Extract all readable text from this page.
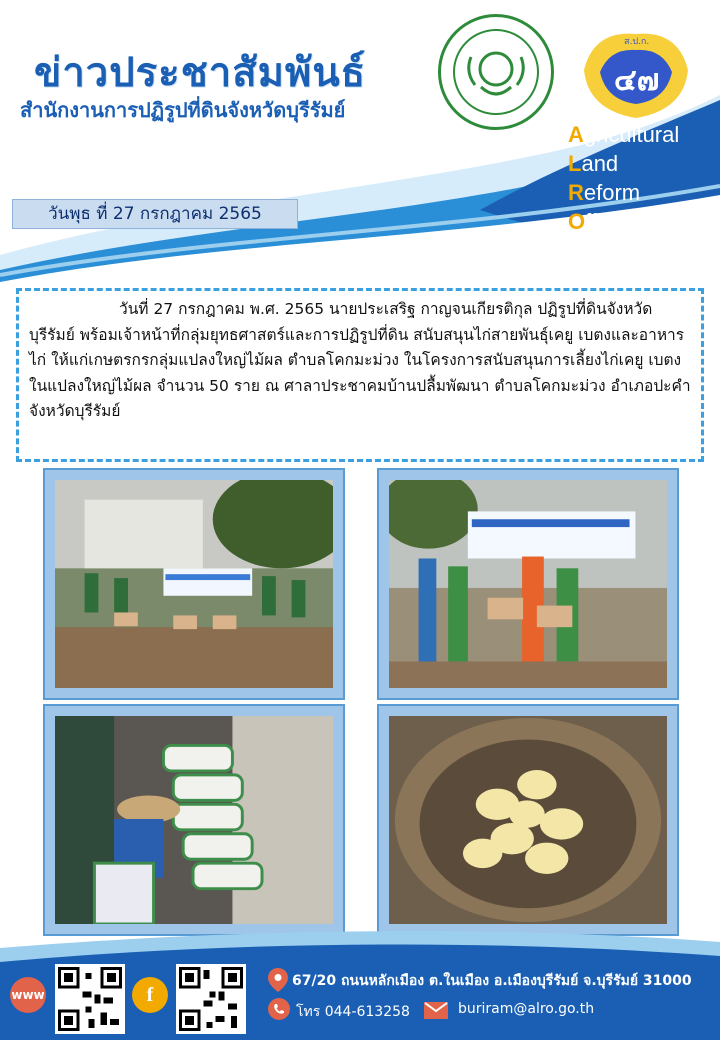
ข่าวประชาสัมพันธ์
สำนักงานการปฏิรูปที่ดินจังหวัดบุรีรัมย์
๔๗
ส.ป.ก.
Agricultural
Land
Reform
Office
วันพุธ ที่ 27 กรกฎาคม 2565

วันที่ 27 กรกฎาคม พ.ศ. 2565 นายประเสริฐ กาญจนเกียรติกุล ปฏิรูปที่ดินจังหวัดบุรีรัมย์ พร้อมเจ้าหน้าที่กลุ่มยุทธศาสตร์และการปฏิรูปที่ดิน สนับสนุนไก่สายพันธุ์เคยู เบตงและอาหารไก่ ให้แก่เกษตรกรกลุ่มแปลงใหญ่ไม้ผล ตำบลโคกมะม่วง ในโครงการสนับสนุนการเลี้ยงไก่เคยู เบตงในแปลงใหญ่ไม้ผล จำนวน 50 ราย ณ ศาลาประชาคมบ้านปลื้มพัฒนา ตำบลโคกมะม่วง อำเภอปะคำ จังหวัดบุรีรัมย์

www	f
67/20 ถนนหลักเมือง ต.ในเมือง อ.เมืองบุรีรัมย์ จ.บุรีรัมย์ 31000
โทร 044-613258	buriram@alro.go.th
